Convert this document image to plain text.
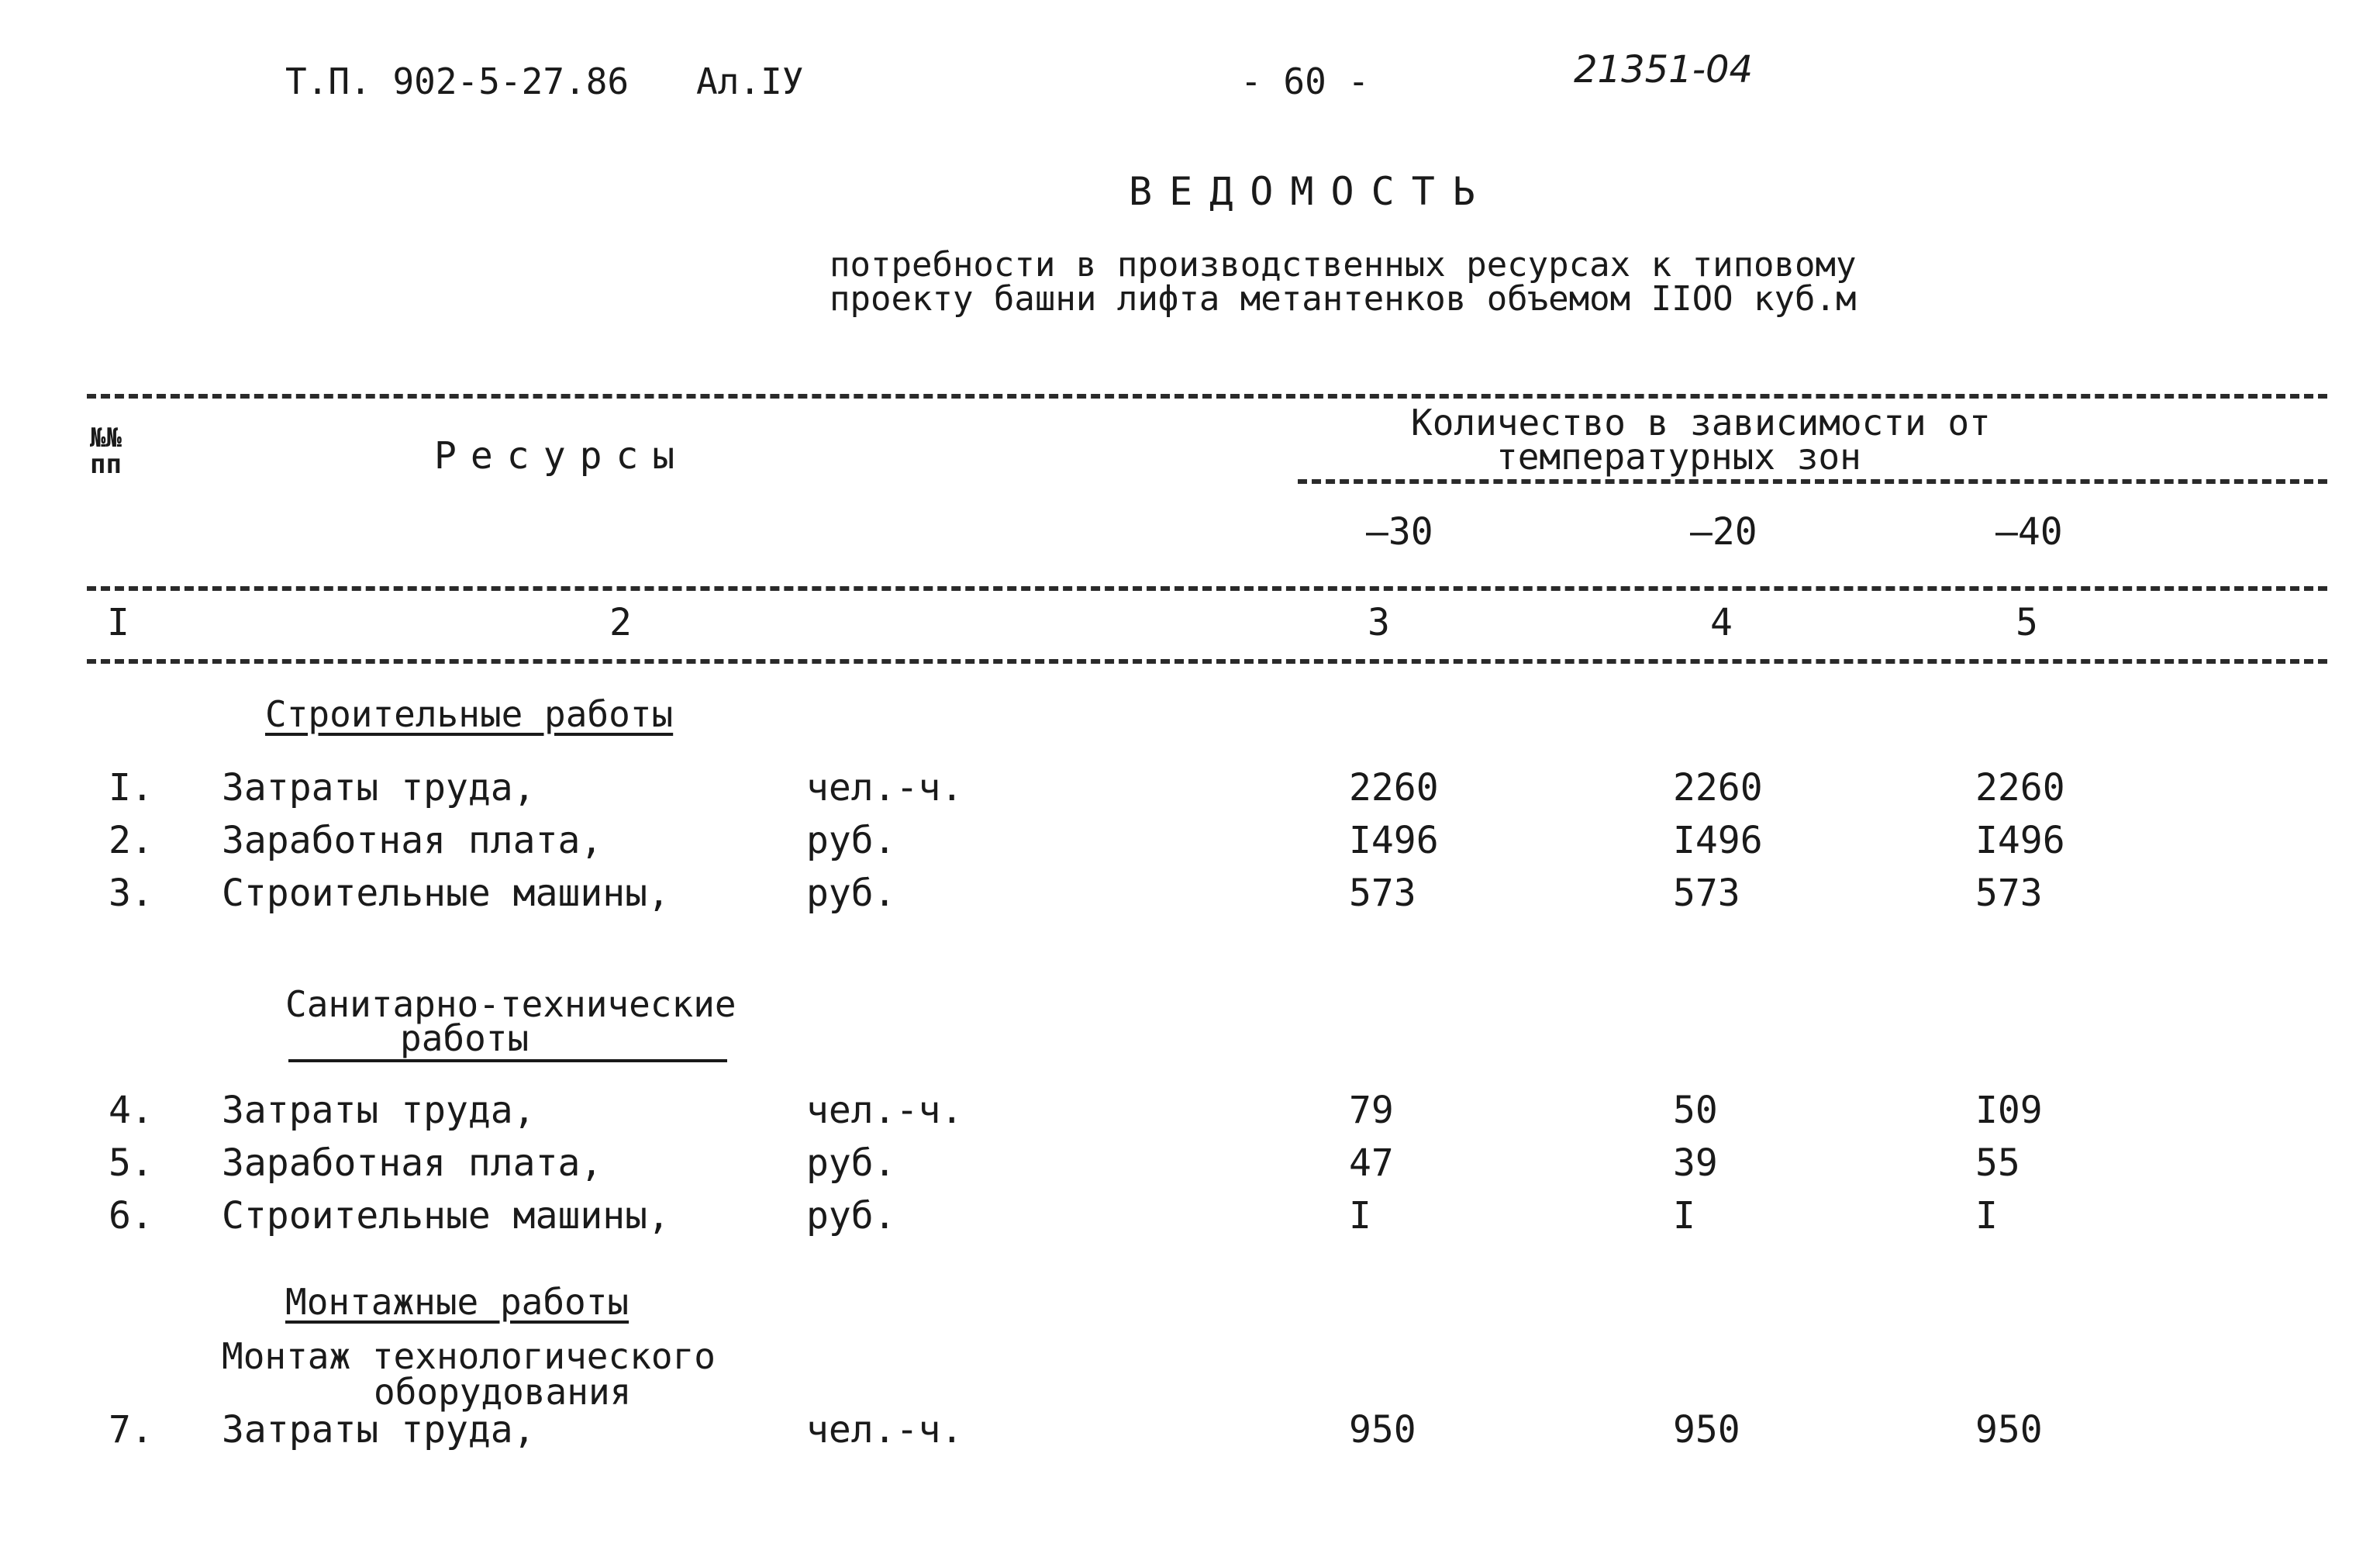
Т.П. 902-5-27.86 Ал.IУ	- 60 -	21351-04
ВЕДОМОСТЬ
потребности в производственных ресурсах к типовому
проекту башни лифта метантенков объемом IIOO куб.м
№№ пп	Ресурсы
Количество в зависимости от
температурных зон
–30	–20	–40
I	2	3	4	5
Строительные работы
I. Затраты труда,	чел.-ч.	2260	2260	2260
2. Заработная плата,	руб.	I496	I496	I496
3. Строительные машины,	руб.	573	573	573
Санитарно-технические
работы
4. Затраты труда,	чел.-ч.	79	50	I09
5. Заработная плата,	руб.	47	39	55
6. Строительные машины,	руб.	I	I	I
Монтажные работы
Монтаж технологического
оборудования
7. Затраты труда,	чел.-ч.	950	950	950
